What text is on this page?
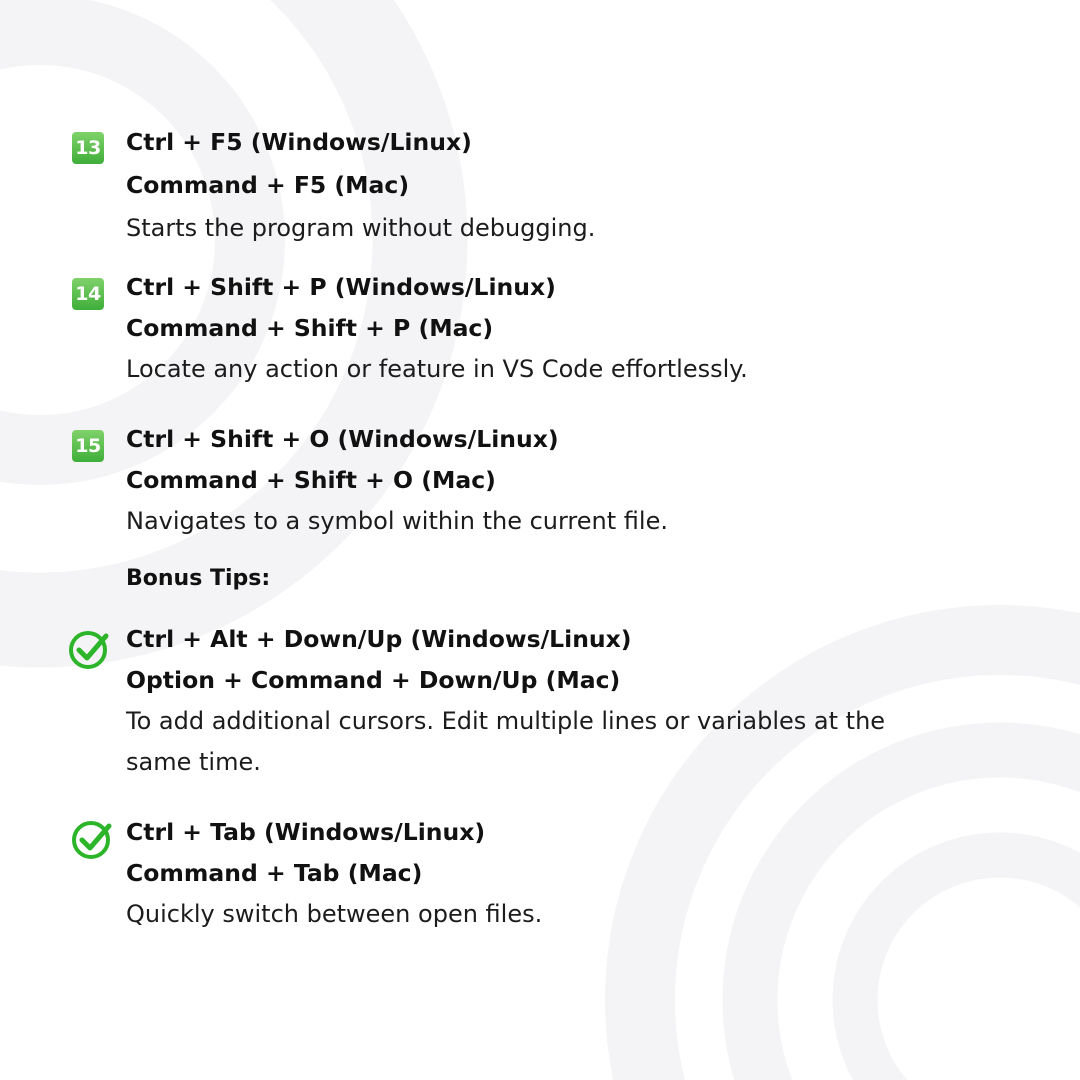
13 Ctrl + F5 (Windows/Linux)
Command + F5 (Mac)
Starts the program without debugging.
14 Ctrl + Shift + P (Windows/Linux)
Command + Shift + P (Mac)
Locate any action or feature in VS Code effortlessly.
15 Ctrl + Shift + O (Windows/Linux)
Command + Shift + O (Mac)
Navigates to a symbol within the current file.
Bonus Tips:
Ctrl + Alt + Down/Up (Windows/Linux)
Option + Command + Down/Up (Mac)
To add additional cursors. Edit multiple lines or variables at the
same time.
Ctrl + Tab (Windows/Linux)
Command + Tab (Mac)
Quickly switch between open files.
